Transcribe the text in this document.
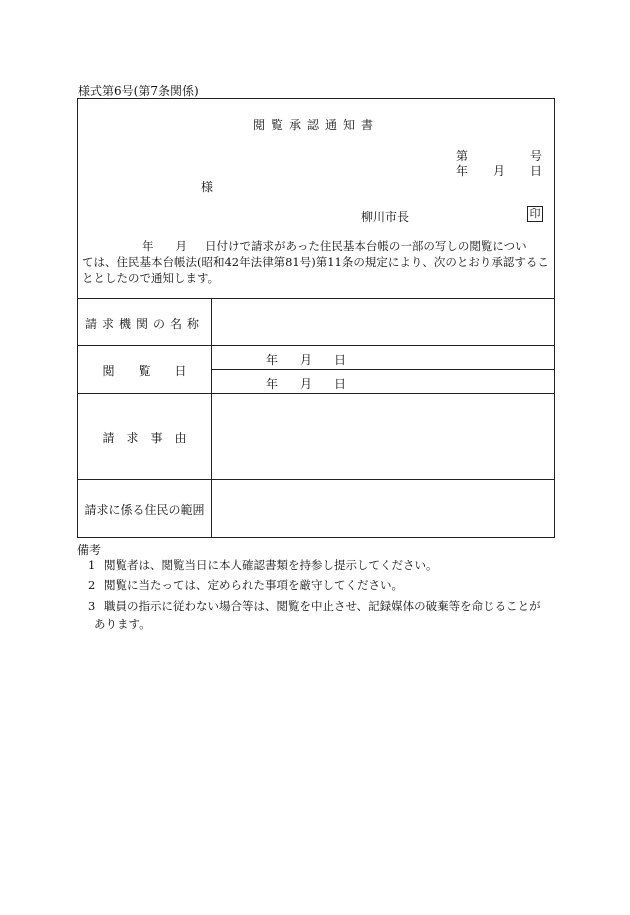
様式第6号(第7条関係)
閲覧承認通知書
第	号
年 月 日
様
柳川市長	印
年 月 日付けで請求があった住民基本台帳の一部の写しの閲覧につい
ては、住民基本台帳法(昭和42年法律第81号)第11条の規定により、次のとおり承認するこ
ととしたので通知します。
請求機関の名称
閲　　覧　　日
年 月 日
年 月 日
請　求　事　由
請求に係る住民の範囲
備考
1 閲覧者は、閲覧当日に本人確認書類を持参し提示してください。
2 閲覧に当たっては、定められた事項を厳守してください。
3 職員の指示に従わない場合等は、閲覧を中止させ、記録媒体の破棄等を命じることが
あります。
